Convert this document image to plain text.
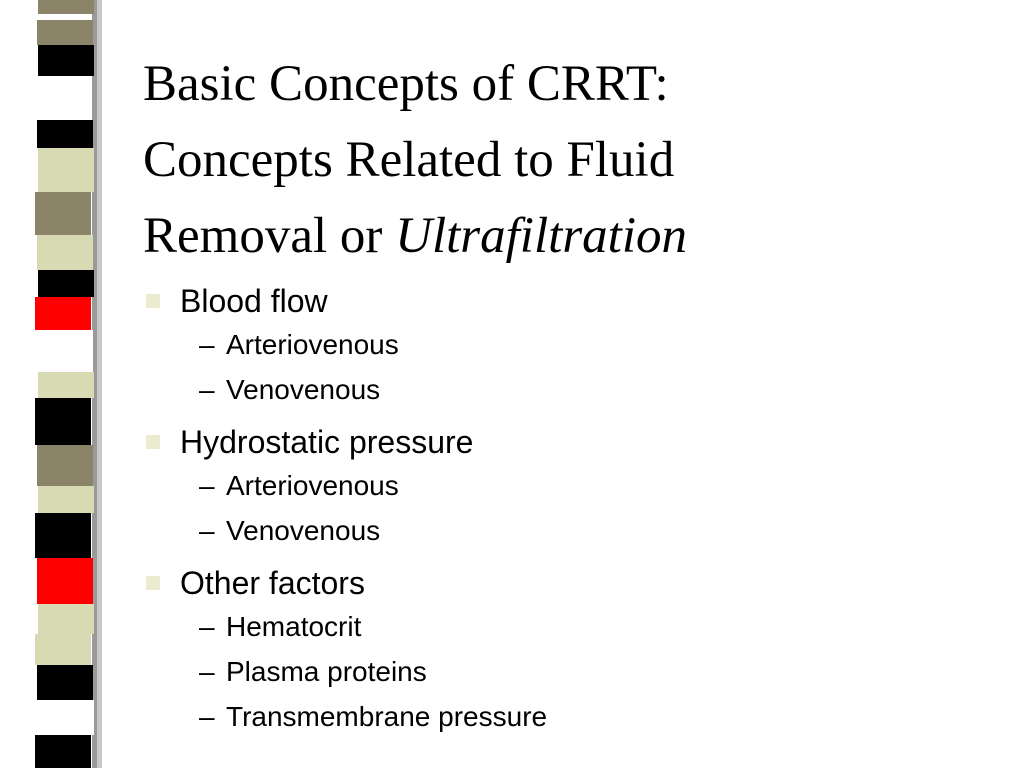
Basic Concepts of CRRT:
Concepts Related to Fluid
Removal or Ultrafiltration
Blood flow
– Arteriovenous
– Venovenous
Hydrostatic pressure
– Arteriovenous
– Venovenous
Other factors
– Hematocrit
– Plasma proteins
– Transmembrane pressure
